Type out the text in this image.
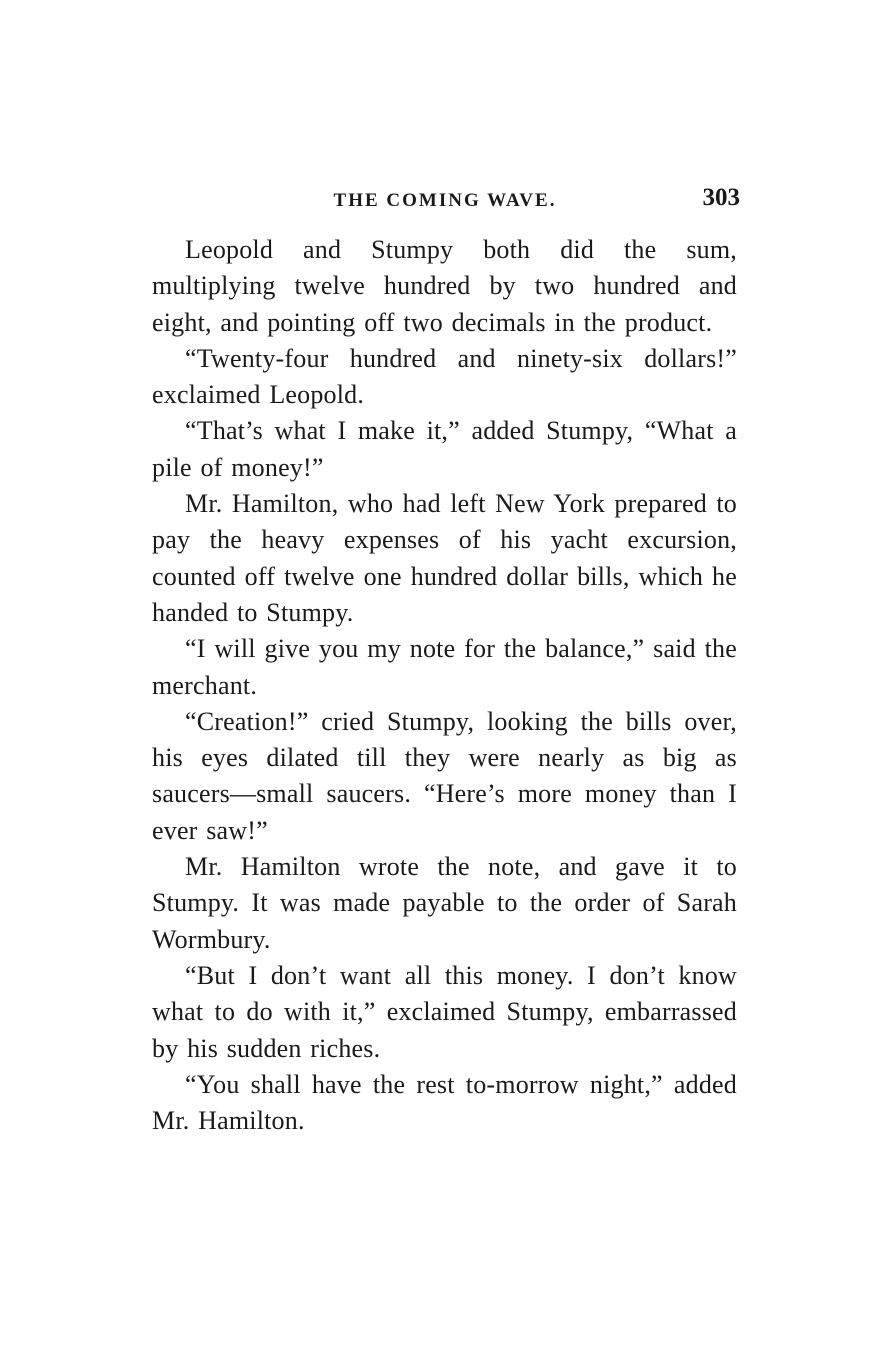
THE COMING WAVE.	303

Leopold and Stumpy both did the sum, multiplying twelve hundred by two hundred and eight, and pointing off two decimals in the product.

“Twenty-four hundred and ninety-six dollars!” exclaimed Leopold.

“That’s what I make it,” added Stumpy, “What a pile of money!”

Mr. Hamilton, who had left New York prepared to pay the heavy expenses of his yacht excursion, counted off twelve one hundred dollar bills, which he handed to Stumpy.

“I will give you my note for the balance,” said the merchant.

“Creation!” cried Stumpy, looking the bills over, his eyes dilated till they were nearly as big as saucers—small saucers. “Here’s more money than I ever saw!”

Mr. Hamilton wrote the note, and gave it to Stumpy. It was made payable to the order of Sarah Wormbury.

“But I don’t want all this money. I don’t know what to do with it,” exclaimed Stumpy, embarrassed by his sudden riches.

“You shall have the rest to-morrow night,” added Mr. Hamilton.
